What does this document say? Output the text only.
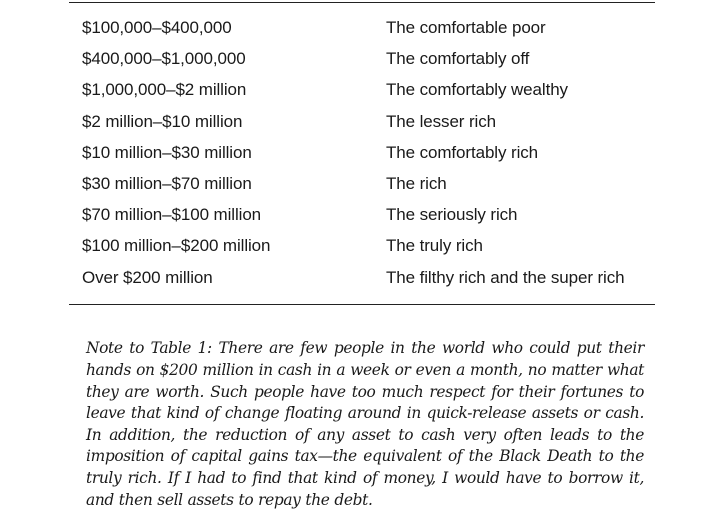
$100,000–$400,000	The comfortable poor
$400,000–$1,000,000	The comfortably off
$1,000,000–$2 million	The comfortably wealthy
$2 million–$10 million	The lesser rich
$10 million–$30 million	The comfortably rich
$30 million–$70 million	The rich
$70 million–$100 million	The seriously rich
$100 million–$200 million	The truly rich
Over $200 million	The filthy rich and the super rich

Note to Table 1: There are few people in the world who could put their hands on $200 million in cash in a week or even a month, no matter what they are worth. Such people have too much respect for their fortunes to leave that kind of change floating around in quick-release assets or cash. In addition, the reduction of any asset to cash very often leads to the imposition of capital gains tax—the equivalent of the Black Death to the truly rich. If I had to find that kind of money, I would have to borrow it, and then sell assets to repay the debt.
